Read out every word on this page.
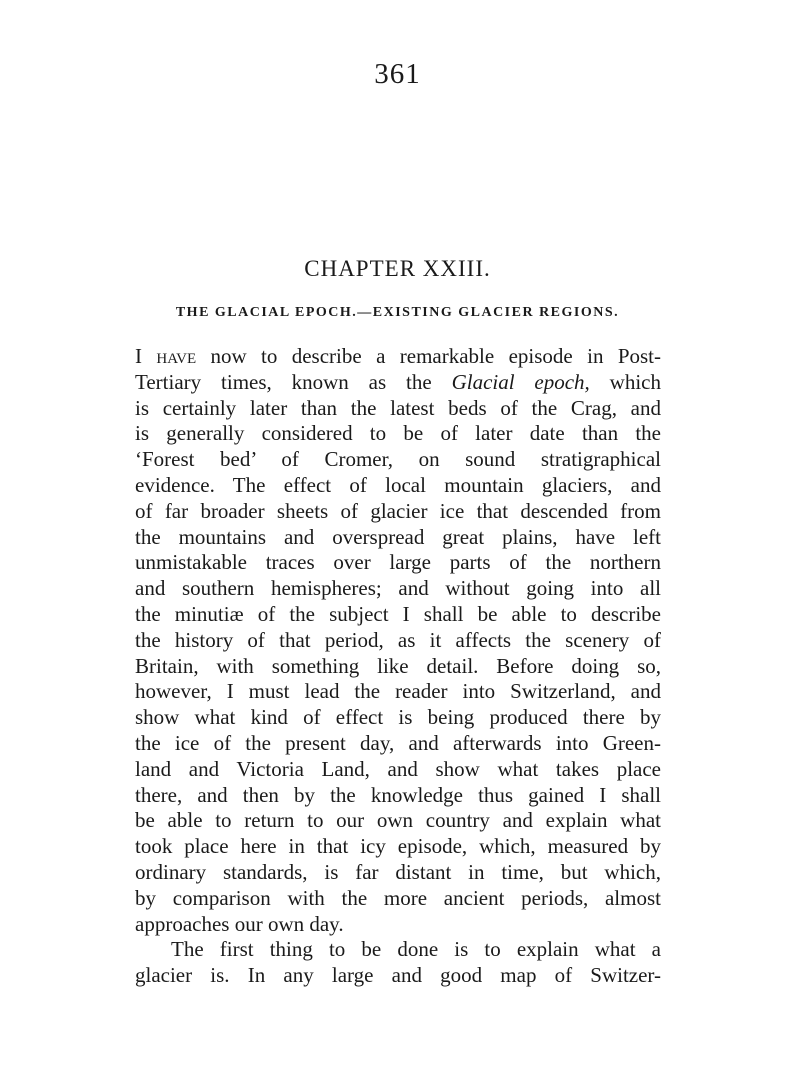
361
CHAPTER XXIII.
THE GLACIAL EPOCH.—EXISTING GLACIER REGIONS.
I have now to describe a remarkable episode in Post-
Tertiary times, known as the Glacial epoch, which
is certainly later than the latest beds of the Crag, and
is generally considered to be of later date than the
‘Forest bed’ of Cromer, on sound stratigraphical
evidence. The effect of local mountain glaciers, and
of far broader sheets of glacier ice that descended from
the mountains and overspread great plains, have left
unmistakable traces over large parts of the northern
and southern hemispheres; and without going into all
the minutiæ of the subject I shall be able to describe
the history of that period, as it affects the scenery of
Britain, with something like detail. Before doing so,
however, I must lead the reader into Switzerland, and
show what kind of effect is being produced there by
the ice of the present day, and afterwards into Green-
land and Victoria Land, and show what takes place
there, and then by the knowledge thus gained I shall
be able to return to our own country and explain what
took place here in that icy episode, which, measured by
ordinary standards, is far distant in time, but which,
by comparison with the more ancient periods, almost
approaches our own day.
The first thing to be done is to explain what a
glacier is. In any large and good map of Switzer-
